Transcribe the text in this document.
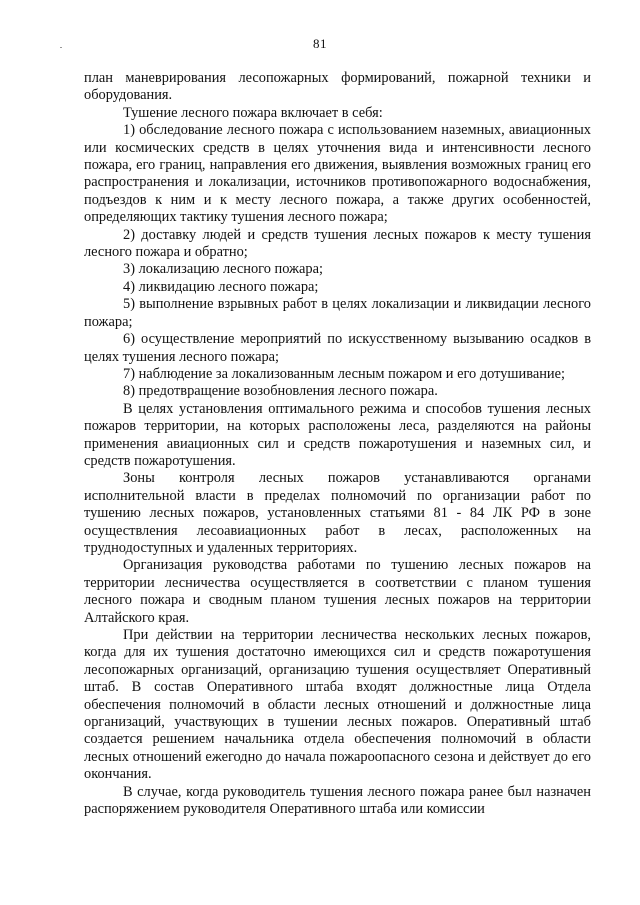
81

план маневрирования лесопожарных формирований, пожарной техники и оборудования.

Тушение лесного пожара включает в себя:

1) обследование лесного пожара с использованием наземных, авиационных или космических средств в целях уточнения вида и интенсивности лесного пожара, его границ, направления его движения, выявления возможных границ его распространения и локализации, источников противопожарного водоснабжения, подъездов к ним и к месту лесного пожара, а также других особенностей, определяющих тактику тушения лесного пожара;

2) доставку людей и средств тушения лесных пожаров к месту тушения лесного пожара и обратно;

3) локализацию лесного пожара;

4) ликвидацию лесного пожара;

5) выполнение взрывных работ в целях локализации и ликвидации лесного пожара;

6) осуществление мероприятий по искусственному вызыванию осадков в целях тушения лесного пожара;

7) наблюдение за локализованным лесным пожаром и его дотушивание;

8) предотвращение возобновления лесного пожара.

В целях установления оптимального режима и способов тушения лесных пожаров территории, на которых расположены леса, разделяются на районы применения авиационных сил и средств пожаротушения и наземных сил, и средств пожаротушения.

Зоны контроля лесных пожаров устанавливаются органами исполнительной власти в пределах полномочий по организации работ по тушению лесных пожаров, установленных статьями 81 - 84 ЛК РФ в зоне осуществления лесоавиационных работ в лесах, расположенных на труднодоступных и удаленных территориях.

Организация руководства работами по тушению лесных пожаров на территории лесничества осуществляется в соответствии с планом тушения лесного пожара и сводным планом тушения лесных пожаров на территории Алтайского края.

При действии на территории лесничества нескольких лесных пожаров, когда для их тушения достаточно имеющихся сил и средств пожаротушения лесопожарных организаций, организацию тушения осуществляет Оперативный штаб. В состав Оперативного штаба входят должностные лица Отдела обеспечения полномочий в области лесных отношений и должностные лица организаций, участвующих в тушении лесных пожаров. Оперативный штаб создается решением начальника отдела обеспечения полномочий в области лесных отношений ежегодно до начала пожароопасного сезона и действует до его окончания.

В случае, когда руководитель тушения лесного пожара ранее был назначен распоряжением руководителя Оперативного штаба или комиссии
